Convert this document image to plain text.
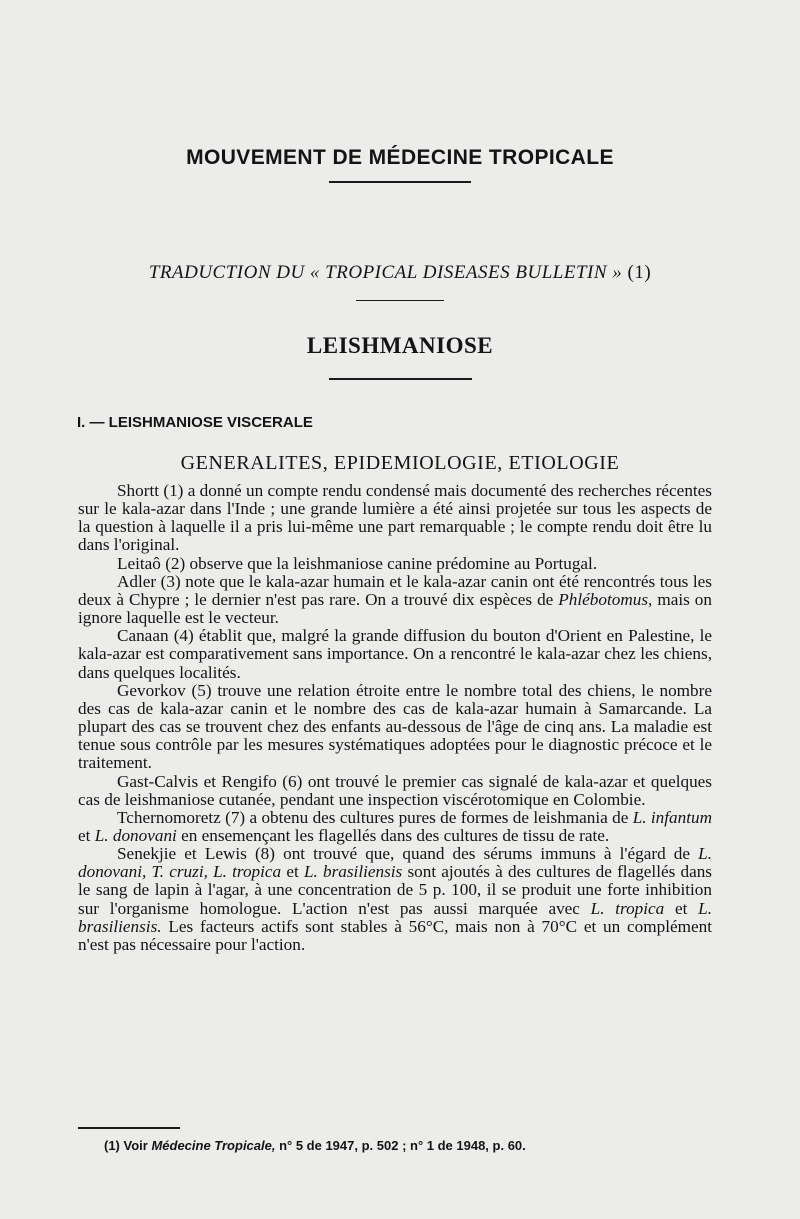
MOUVEMENT DE MÉDECINE TROPICALE
TRADUCTION DU « TROPICAL DISEASES BULLETIN » (1)
LEISHMANIOSE
I. — LEISHMANIOSE VISCERALE
GENERALITES, EPIDEMIOLOGIE, ETIOLOGIE

Shortt (1) a donné un compte rendu condensé mais documenté des recherches récentes sur le kala-azar dans l'Inde ; une grande lumière a été ainsi projetée sur tous les aspects de la question à laquelle il a pris lui-même une part remarquable ; le compte rendu doit être lu dans l'original.

Leitaô (2) observe que la leishmaniose canine prédomine au Portugal.

Adler (3) note que le kala-azar humain et le kala-azar canin ont été rencontrés tous les deux à Chypre ; le dernier n'est pas rare. On a trouvé dix espèces de Phlébotomus, mais on ignore laquelle est le vecteur.

Canaan (4) établit que, malgré la grande diffusion du bouton d'Orient en Palestine, le kala-azar est comparativement sans importance. On a rencontré le kala-azar chez les chiens, dans quelques localités.

Gevorkov (5) trouve une relation étroite entre le nombre total des chiens, le nombre des cas de kala-azar canin et le nombre des cas de kala-azar humain à Samarcande. La plupart des cas se trouvent chez des enfants au-dessous de l'âge de cinq ans. La maladie est tenue sous contrôle par les mesures systématiques adoptées pour le diagnostic précoce et le traitement.

Gast-Calvis et Rengifo (6) ont trouvé le premier cas signalé de kala-azar et quelques cas de leishmaniose cutanée, pendant une inspection viscérotomique en Colombie.

Tchernomoretz (7) a obtenu des cultures pures de formes de leishmania de L. infantum et L. donovani en ensemençant les flagellés dans des cultures de tissu de rate.

Senekjie et Lewis (8) ont trouvé que, quand des sérums immuns à l'égard de L. donovani, T. cruzi, L. tropica et L. brasiliensis sont ajoutés à des cultures de flagellés dans le sang de lapin à l'agar, à une concentration de 5 p. 100, il se produit une forte inhibition sur l'organisme homologue. L'action n'est pas aussi marquée avec L. tropica et L. brasiliensis. Les facteurs actifs sont stables à 56°C, mais non à 70°C et un complément n'est pas nécessaire pour l'action.

(1) Voir Médecine Tropicale, n° 5 de 1947, p. 502 ; n° 1 de 1948, p. 60.
